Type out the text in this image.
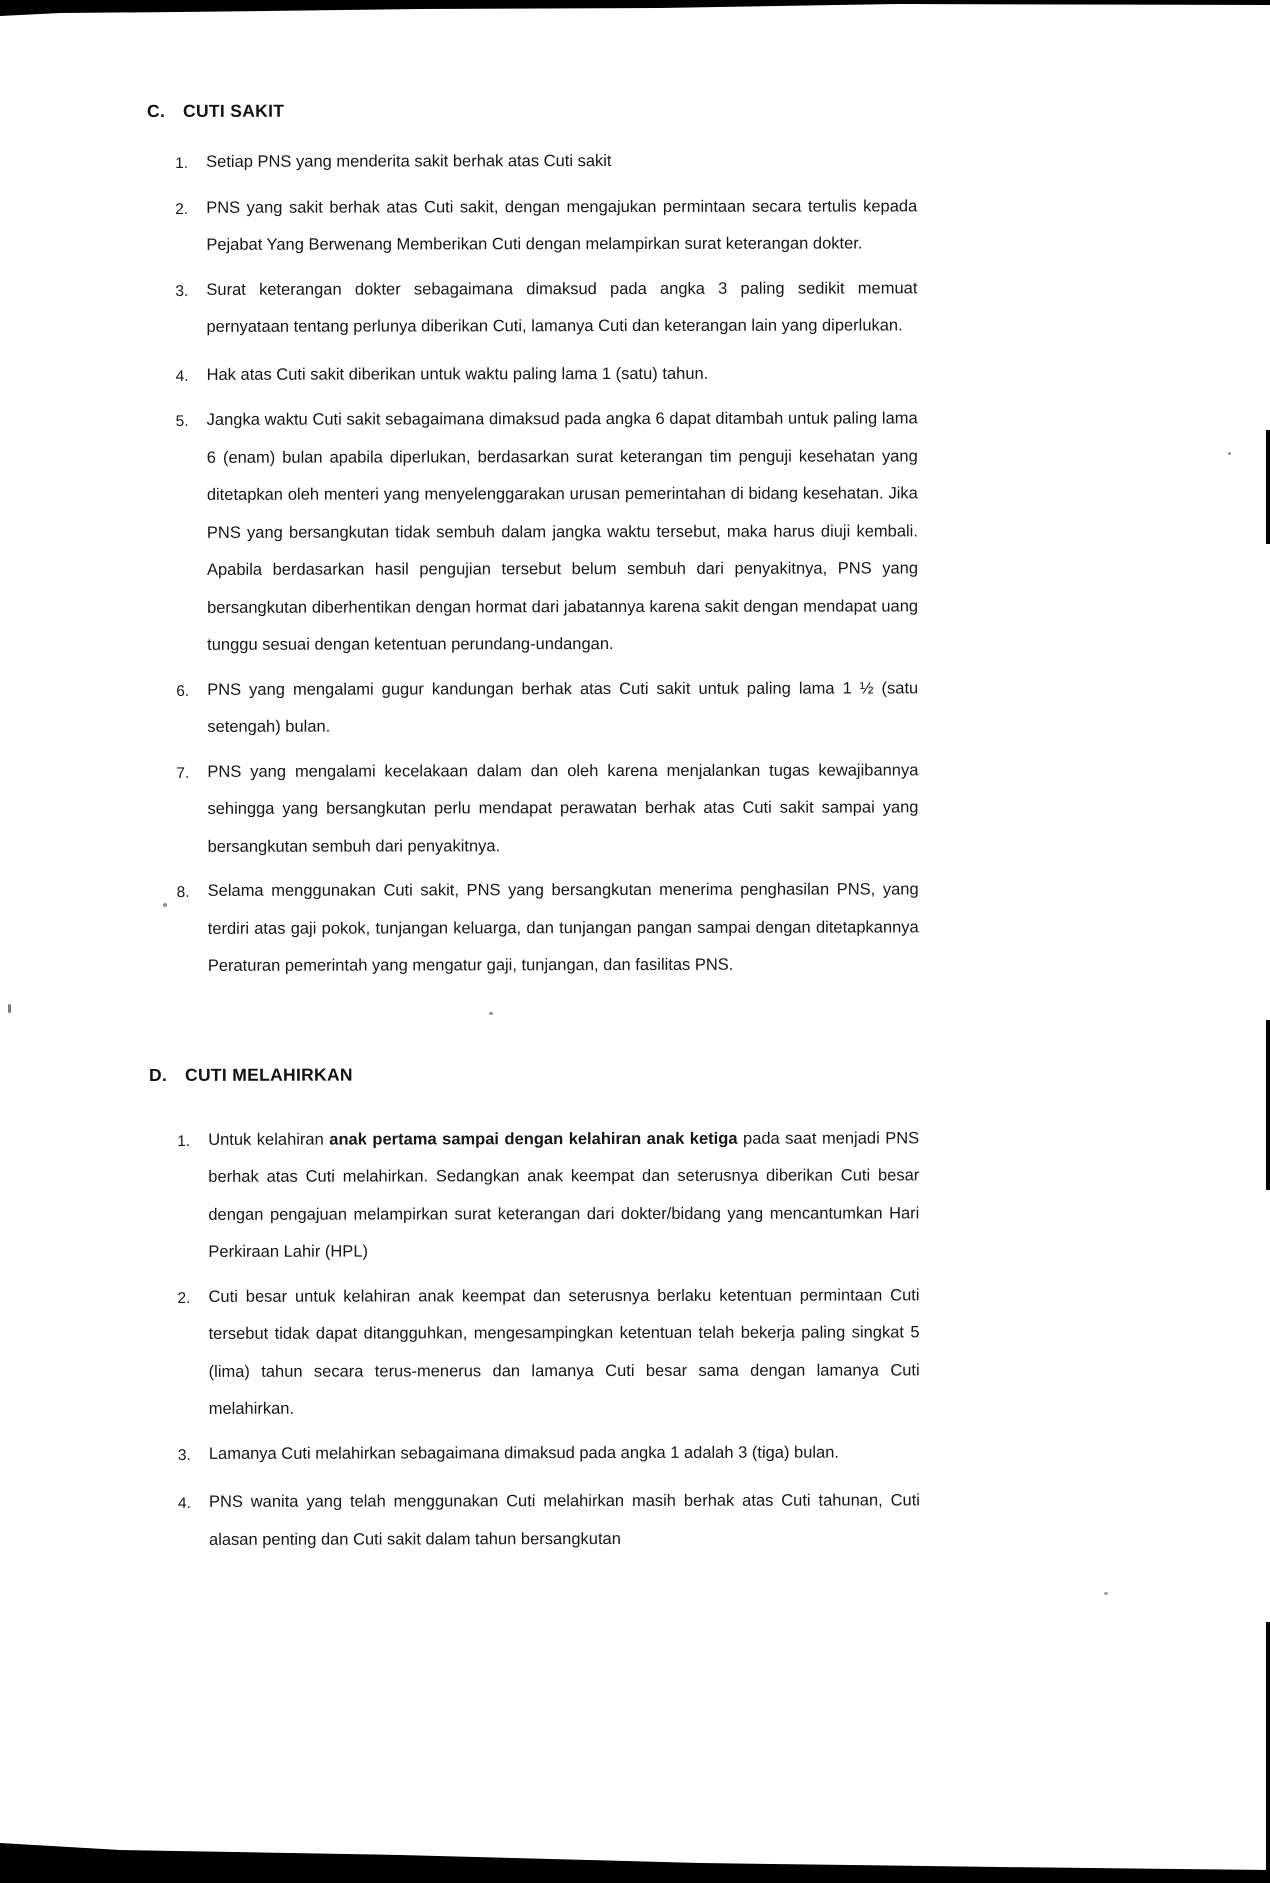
C.	CUTI SAKIT
1.	Setiap PNS yang menderita sakit berhak atas Cuti sakit
2.	PNS yang sakit berhak atas Cuti sakit, dengan mengajukan permintaan secara tertulis kepada Pejabat Yang Berwenang Memberikan Cuti dengan melampirkan surat keterangan dokter.
3.	Surat keterangan dokter sebagaimana dimaksud pada angka 3 paling sedikit memuat pernyataan tentang perlunya diberikan Cuti, lamanya Cuti dan keterangan lain yang diperlukan.
4.	Hak atas Cuti sakit diberikan untuk waktu paling lama 1 (satu) tahun.
5.	Jangka waktu Cuti sakit sebagaimana dimaksud pada angka 6 dapat ditambah untuk paling lama 6 (enam) bulan apabila diperlukan, berdasarkan surat keterangan tim penguji kesehatan yang ditetapkan oleh menteri yang menyelenggarakan urusan pemerintahan di bidang kesehatan. Jika PNS yang bersangkutan tidak sembuh dalam jangka waktu tersebut, maka harus diuji kembali. Apabila berdasarkan hasil pengujian tersebut belum sembuh dari penyakitnya, PNS yang bersangkutan diberhentikan dengan hormat dari jabatannya karena sakit dengan mendapat uang tunggu sesuai dengan ketentuan perundang-undangan.
6.	PNS yang mengalami gugur kandungan berhak atas Cuti sakit untuk paling lama 1 ½ (satu setengah) bulan.
7.	PNS yang mengalami kecelakaan dalam dan oleh karena menjalankan tugas kewajibannya sehingga yang bersangkutan perlu mendapat perawatan berhak atas Cuti sakit sampai yang bersangkutan sembuh dari penyakitnya.
8.	Selama menggunakan Cuti sakit, PNS yang bersangkutan menerima penghasilan PNS, yang terdiri atas gaji pokok, tunjangan keluarga, dan tunjangan pangan sampai dengan ditetapkannya Peraturan pemerintah yang mengatur gaji, tunjangan, dan fasilitas PNS.
D.	CUTI MELAHIRKAN
1.	Untuk kelahiran anak pertama sampai dengan kelahiran anak ketiga pada saat menjadi PNS berhak atas Cuti melahirkan. Sedangkan anak keempat dan seterusnya diberikan Cuti besar dengan pengajuan melampirkan surat keterangan dari dokter/bidang yang mencantumkan Hari Perkiraan Lahir (HPL)
2.	Cuti besar untuk kelahiran anak keempat dan seterusnya berlaku ketentuan permintaan Cuti tersebut tidak dapat ditangguhkan, mengesampingkan ketentuan telah bekerja paling singkat 5 (lima) tahun secara terus-menerus dan lamanya Cuti besar sama dengan lamanya Cuti melahirkan.
3.	Lamanya Cuti melahirkan sebagaimana dimaksud pada angka 1 adalah 3 (tiga) bulan.
4.	PNS wanita yang telah menggunakan Cuti melahirkan masih berhak atas Cuti tahunan, Cuti alasan penting dan Cuti sakit dalam tahun bersangkutan
